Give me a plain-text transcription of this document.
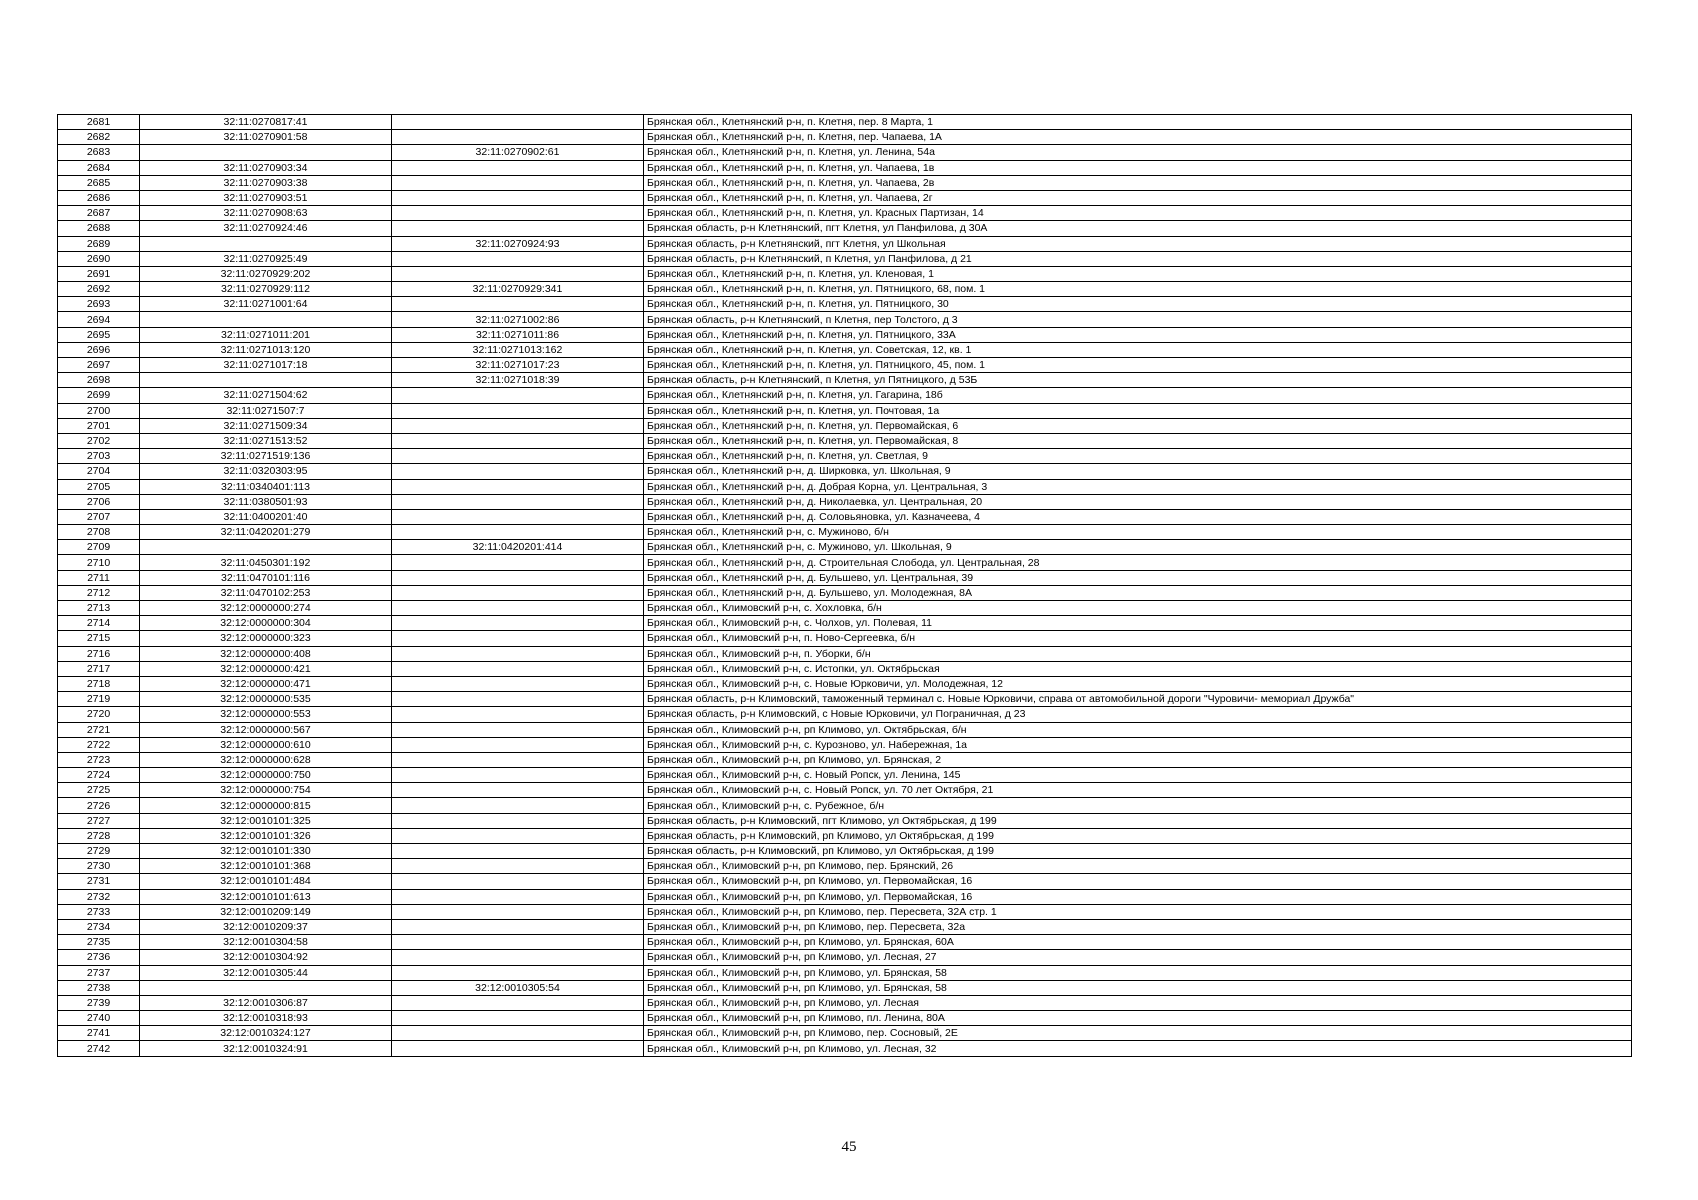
2681	32:11:0270817:41		Брянская обл., Клетнянский р-н, п. Клетня, пер. 8 Марта, 1
2682	32:11:0270901:58		Брянская обл., Клетнянский р-н, п. Клетня, пер. Чапаева, 1А
2683		32:11:0270902:61	Брянская обл., Клетнянский р-н, п. Клетня, ул. Ленина, 54а
2684	32:11:0270903:34		Брянская обл., Клетнянский р-н, п. Клетня, ул. Чапаева, 1в
2685	32:11:0270903:38		Брянская обл., Клетнянский р-н, п. Клетня, ул. Чапаева, 2в
2686	32:11:0270903:51		Брянская обл., Клетнянский р-н, п. Клетня, ул. Чапаева, 2г
2687	32:11:0270908:63		Брянская обл., Клетнянский р-н, п. Клетня, ул. Красных Партизан, 14
2688	32:11:0270924:46		Брянская область, р-н Клетнянский, пгт Клетня, ул Панфилова, д 30А
2689		32:11:0270924:93	Брянская область, р-н Клетнянский, пгт Клетня, ул Школьная
2690	32:11:0270925:49		Брянская область, р-н Клетнянский, п Клетня, ул Панфилова, д 21
2691	32:11:0270929:202		Брянская обл., Клетнянский р-н, п. Клетня, ул. Кленовая, 1
2692	32:11:0270929:112	32:11:0270929:341	Брянская обл., Клетнянский р-н, п. Клетня, ул. Пятницкого, 68, пом. 1
2693	32:11:0271001:64		Брянская обл., Клетнянский р-н, п. Клетня, ул. Пятницкого, 30
2694		32:11:0271002:86	Брянская область, р-н Клетнянский, п Клетня, пер Толстого, д 3
2695	32:11:0271011:201	32:11:0271011:86	Брянская обл., Клетнянский р-н, п. Клетня, ул. Пятницкого, 33А
2696	32:11:0271013:120	32:11:0271013:162	Брянская обл., Клетнянский р-н, п. Клетня, ул. Советская, 12, кв. 1
2697	32:11:0271017:18	32:11:0271017:23	Брянская обл., Клетнянский р-н, п. Клетня, ул. Пятницкого, 45, пом. 1
2698		32:11:0271018:39	Брянская область, р-н Клетнянский, п Клетня, ул Пятницкого, д 53Б
2699	32:11:0271504:62		Брянская обл., Клетнянский р-н, п. Клетня, ул. Гагарина, 18б
2700	32:11:0271507:7		Брянская обл., Клетнянский р-н, п. Клетня, ул. Почтовая, 1а
2701	32:11:0271509:34		Брянская обл., Клетнянский р-н, п. Клетня, ул. Первомайская, 6
2702	32:11:0271513:52		Брянская обл., Клетнянский р-н, п. Клетня, ул. Первомайская, 8
2703	32:11:0271519:136		Брянская обл., Клетнянский р-н, п. Клетня, ул. Светлая, 9
2704	32:11:0320303:95		Брянская обл., Клетнянский р-н, д. Ширковка, ул. Школьная, 9
2705	32:11:0340401:113		Брянская обл., Клетнянский р-н, д. Добрая Корна, ул. Центральная, 3
2706	32:11:0380501:93		Брянская обл., Клетнянский р-н, д. Николаевка, ул. Центральная, 20
2707	32:11:0400201:40		Брянская обл., Клетнянский р-н, д. Соловьяновка, ул. Казначеева, 4
2708	32:11:0420201:279		Брянская обл., Клетнянский р-н, с. Мужиново, б/н
2709		32:11:0420201:414	Брянская обл., Клетнянский р-н, с. Мужиново, ул. Школьная, 9
2710	32:11:0450301:192		Брянская обл., Клетнянский р-н, д. Строительная Слобода, ул. Центральная, 28
2711	32:11:0470101:116		Брянская обл., Клетнянский р-н, д. Бульшево, ул. Центральная, 39
2712	32:11:0470102:253		Брянская обл., Клетнянский р-н, д. Бульшево, ул. Молодежная, 8А
2713	32:12:0000000:274		Брянская обл., Климовский р-н, с. Хохловка, б/н
2714	32:12:0000000:304		Брянская обл., Климовский р-н, с. Чолхов, ул. Полевая, 11
2715	32:12:0000000:323		Брянская обл., Климовский р-н, п. Ново-Сергеевка, б/н
2716	32:12:0000000:408		Брянская обл., Климовский р-н, п. Уборки, б/н
2717	32:12:0000000:421		Брянская обл., Климовский р-н, с. Истопки, ул. Октябрьская
2718	32:12:0000000:471		Брянская обл., Климовский р-н, с. Новые Юрковичи, ул. Молодежная, 12
2719	32:12:0000000:535		Брянская область, р-н Климовский, таможенный терминал с. Новые Юрковичи, справа от автомобильной дороги "Чуровичи- мемориал Дружба"
2720	32:12:0000000:553		Брянская область, р-н Климовский, с Новые Юрковичи, ул Пограничная, д 23
2721	32:12:0000000:567		Брянская обл., Климовский р-н, рп Климово, ул. Октябрьская, б/н
2722	32:12:0000000:610		Брянская обл., Климовский р-н, с. Курозново, ул. Набережная, 1а
2723	32:12:0000000:628		Брянская обл., Климовский р-н, рп Климово, ул. Брянская, 2
2724	32:12:0000000:750		Брянская обл., Климовский р-н, с. Новый Ропск, ул. Ленина, 145
2725	32:12:0000000:754		Брянская обл., Климовский р-н, с. Новый Ропск, ул. 70 лет Октября, 21
2726	32:12:0000000:815		Брянская обл., Климовский р-н, с. Рубежное, б/н
2727	32:12:0010101:325		Брянская область, р-н Климовский, пгт Климово, ул Октябрьская, д 199
2728	32:12:0010101:326		Брянская область, р-н Климовский, рп Климово, ул Октябрьская, д 199
2729	32:12:0010101:330		Брянская область, р-н Климовский, рп Климово, ул Октябрьская, д 199
2730	32:12:0010101:368		Брянская обл., Климовский р-н, рп Климово, пер. Брянский, 26
2731	32:12:0010101:484		Брянская обл., Климовский р-н, рп Климово, ул. Первомайская, 16
2732	32:12:0010101:613		Брянская обл., Климовский р-н, рп Климово, ул. Первомайская, 16
2733	32:12:0010209:149		Брянская обл., Климовский р-н, рп Климово, пер. Пересвета, 32А стр. 1
2734	32:12:0010209:37		Брянская обл., Климовский р-н, рп Климово, пер. Пересвета, 32а
2735	32:12:0010304:58		Брянская обл., Климовский р-н, рп Климово, ул. Брянская, 60А
2736	32:12:0010304:92		Брянская обл., Климовский р-н, рп Климово, ул. Лесная, 27
2737	32:12:0010305:44		Брянская обл., Климовский р-н, рп Климово, ул. Брянская, 58
2738		32:12:0010305:54	Брянская обл., Климовский р-н, рп Климово, ул. Брянская, 58
2739	32:12:0010306:87		Брянская обл., Климовский р-н, рп Климово, ул. Лесная
2740	32:12:0010318:93		Брянская обл., Климовский р-н, рп Климово, пл. Ленина, 80А
2741	32:12:0010324:127		Брянская обл., Климовский р-н, рп Климово, пер. Сосновый, 2Е
2742	32:12:0010324:91		Брянская обл., Климовский р-н, рп Климово, ул. Лесная, 32
45
